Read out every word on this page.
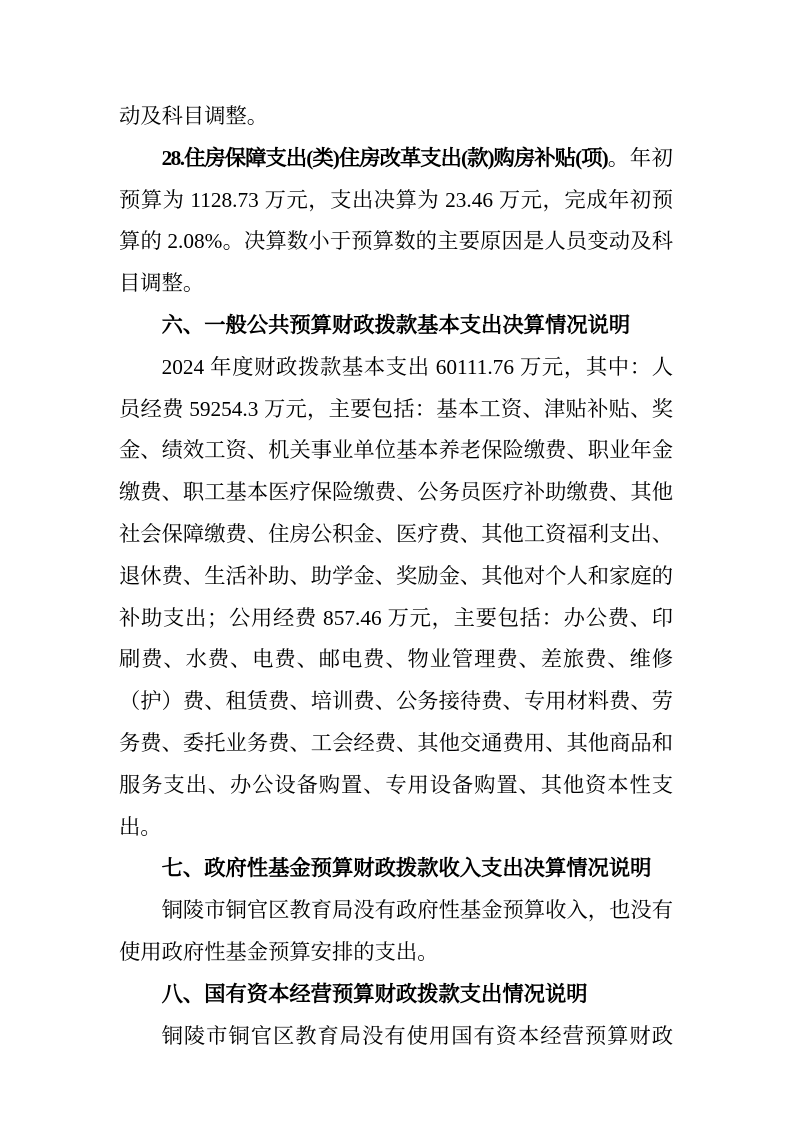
动及科目调整。

28.住房保障支出(类)住房改革支出(款)购房补贴(项)。年初预算为 1128.73 万元，支出决算为 23.46 万元，完成年初预算的 2.08%。决算数小于预算数的主要原因是人员变动及科目调整。

六、一般公共预算财政拨款基本支出决算情况说明

2024 年度财政拨款基本支出 60111.76 万元，其中：人员经费 59254.3 万元，主要包括：基本工资、津贴补贴、奖金、绩效工资、机关事业单位基本养老保险缴费、职业年金缴费、职工基本医疗保险缴费、公务员医疗补助缴费、其他社会保障缴费、住房公积金、医疗费、其他工资福利支出、退休费、生活补助、助学金、奖励金、其他对个人和家庭的补助支出；公用经费 857.46 万元，主要包括：办公费、印刷费、水费、电费、邮电费、物业管理费、差旅费、维修（护）费、租赁费、培训费、公务接待费、专用材料费、劳务费、委托业务费、工会经费、其他交通费用、其他商品和服务支出、办公设备购置、专用设备购置、其他资本性支出。

七、政府性基金预算财政拨款收入支出决算情况说明

铜陵市铜官区教育局没有政府性基金预算收入，也没有使用政府性基金预算安排的支出。

八、国有资本经营预算财政拨款支出情况说明

铜陵市铜官区教育局没有使用国有资本经营预算财政
